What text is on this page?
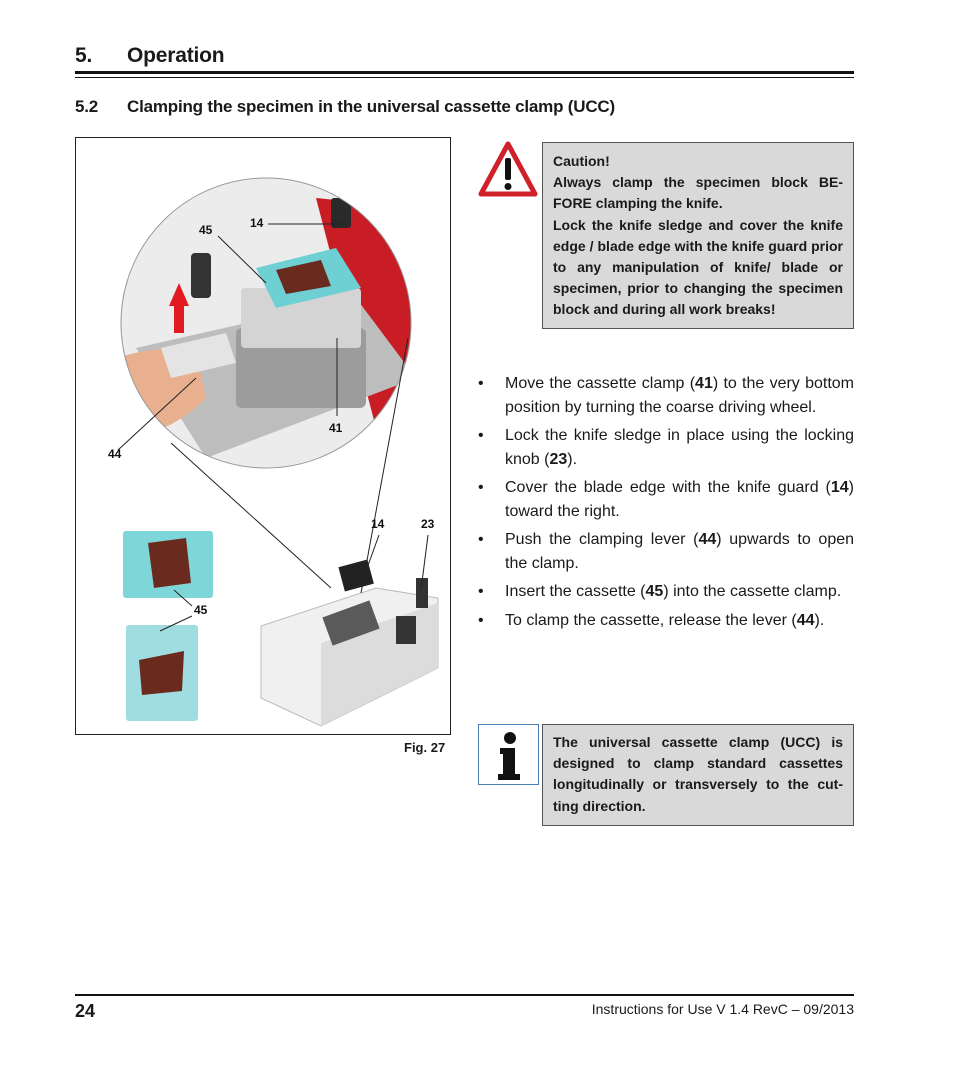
5. Operation
5.2 Clamping the specimen in the universal cassette clamp (UCC)
45	14
41
44
14	23
45
Fig. 27

Caution!

Always clamp the specimen block BE-FORE clamping the knife.

Lock the knife sledge and cover the knife edge / blade edge with the knife guard prior to any manipulation of knife/ blade or specimen, prior to changing the specimen block and during all work breaks!

• Move the cassette clamp (41) to the very bottom position by turning the coarse driving wheel.
• Lock the knife sledge in place using the locking knob (23).
• Cover the blade edge with the knife guard (14) toward the right.
• Push the clamping lever (44) upwards to open the clamp.
• Insert the cassette (45) into the cassette clamp.
• To clamp the cassette, release the lever (44).
The universal cassette clamp (UCC) is designed to clamp standard cassettes longitudinally or transversely to the cut-ting direction.
24	Instructions for Use V 1.4 RevC – 09/2013
